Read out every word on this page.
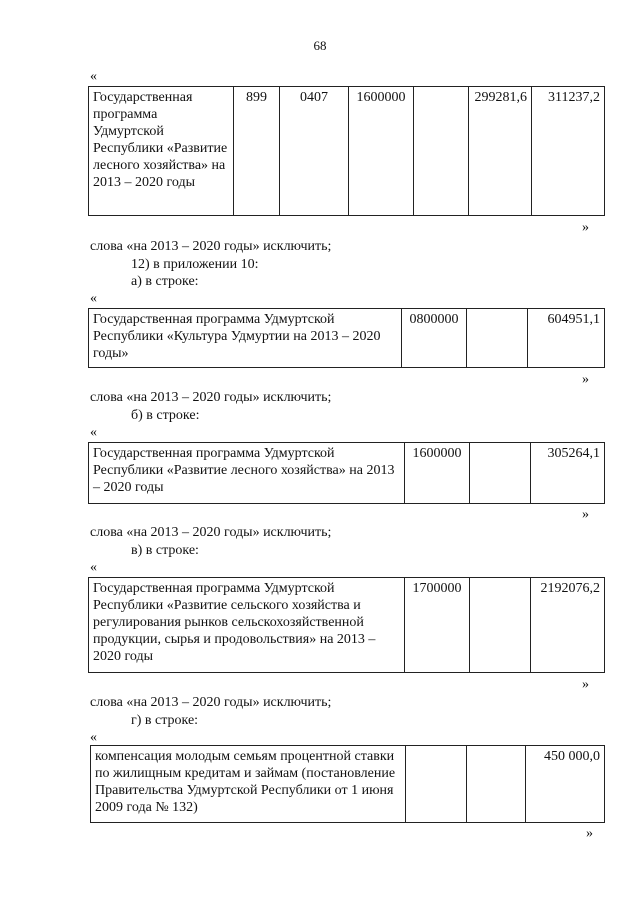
68
«
Государственная программа Удмуртской Республики «Развитие лесного хозяйства» на 2013 – 2020 годы	899	0407	1600000		299281,6	311237,2
»
слова «на 2013 – 2020 годы» исключить;
12) в приложении 10:
а) в строке:
«
Государственная программа Удмуртской Республики «Культура Удмуртии на 2013 – 2020 годы»	0800000		604951,1
»
слова «на 2013 – 2020 годы» исключить;
б) в строке:
«
Государственная программа Удмуртской Республики «Развитие лесного хозяйства» на 2013 – 2020 годы	1600000		305264,1
»
слова «на 2013 – 2020 годы» исключить;
в) в строке:
«
Государственная программа Удмуртской Республики «Развитие сельского хозяйства и регулирования рынков сельскохозяйственной продукции, сырья и продовольствия» на 2013 – 2020 годы	1700000		2192076,2
»
слова «на 2013 – 2020 годы» исключить;
г) в строке:
«
компенсация молодым семьям процентной ставки по жилищным кредитам и займам (постановление Правительства Удмуртской Республики от 1 июня 2009 года № 132)			450 000,0
»
